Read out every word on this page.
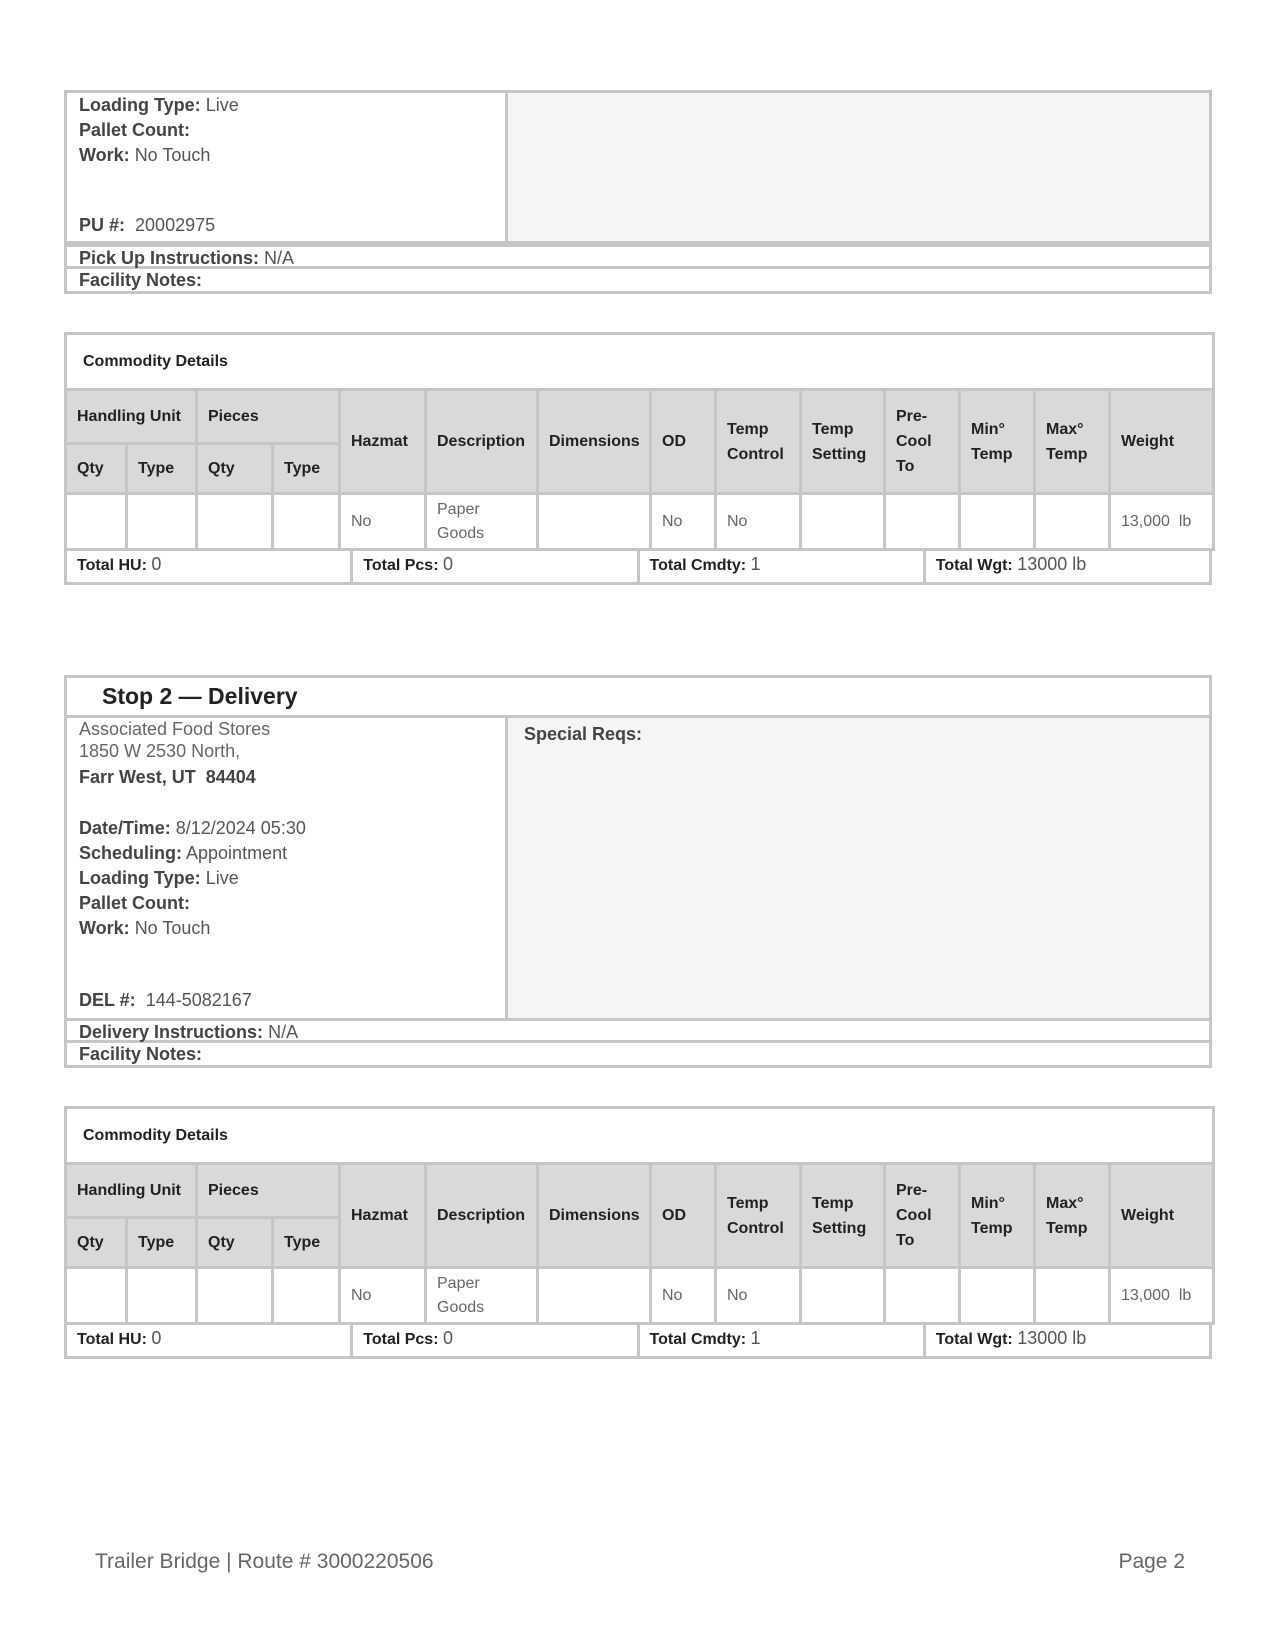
Loading Type: Live
Pallet Count:
Work: No Touch
PU #: 20002975
Pick Up Instructions: N/A
Facility Notes:
Commodity Details													
Handling Unit		Pieces		Hazmat	Description	Dimensions	OD	Temp Control	Temp Setting	Pre-Cool To	Min° Temp	Max° Temp	Weight
Qty	Type	Qty	Type										
				No	Paper Goods		No	No					13,000  lb
Total HU: 0	Total Pcs: 0	Total Cmdty: 1	Total Wgt: 13000 lb
Stop 2 — Delivery
Associated Food Stores
1850 W 2530 North,
Farr West, UT  84404
Date/Time: 8/12/2024 05:30
Scheduling: Appointment
Loading Type: Live
Pallet Count:
Work: No Touch
DEL #: 144-5082167
Special Reqs:
Delivery Instructions: N/A
Facility Notes:
Commodity Details													
Handling Unit		Pieces		Hazmat	Description	Dimensions	OD	Temp Control	Temp Setting	Pre-Cool To	Min° Temp	Max° Temp	Weight
Qty	Type	Qty	Type										
				No	Paper Goods		No	No					13,000  lb
Total HU: 0	Total Pcs: 0	Total Cmdty: 1	Total Wgt: 13000 lb
Trailer Bridge | Route # 3000220506	Page 2
